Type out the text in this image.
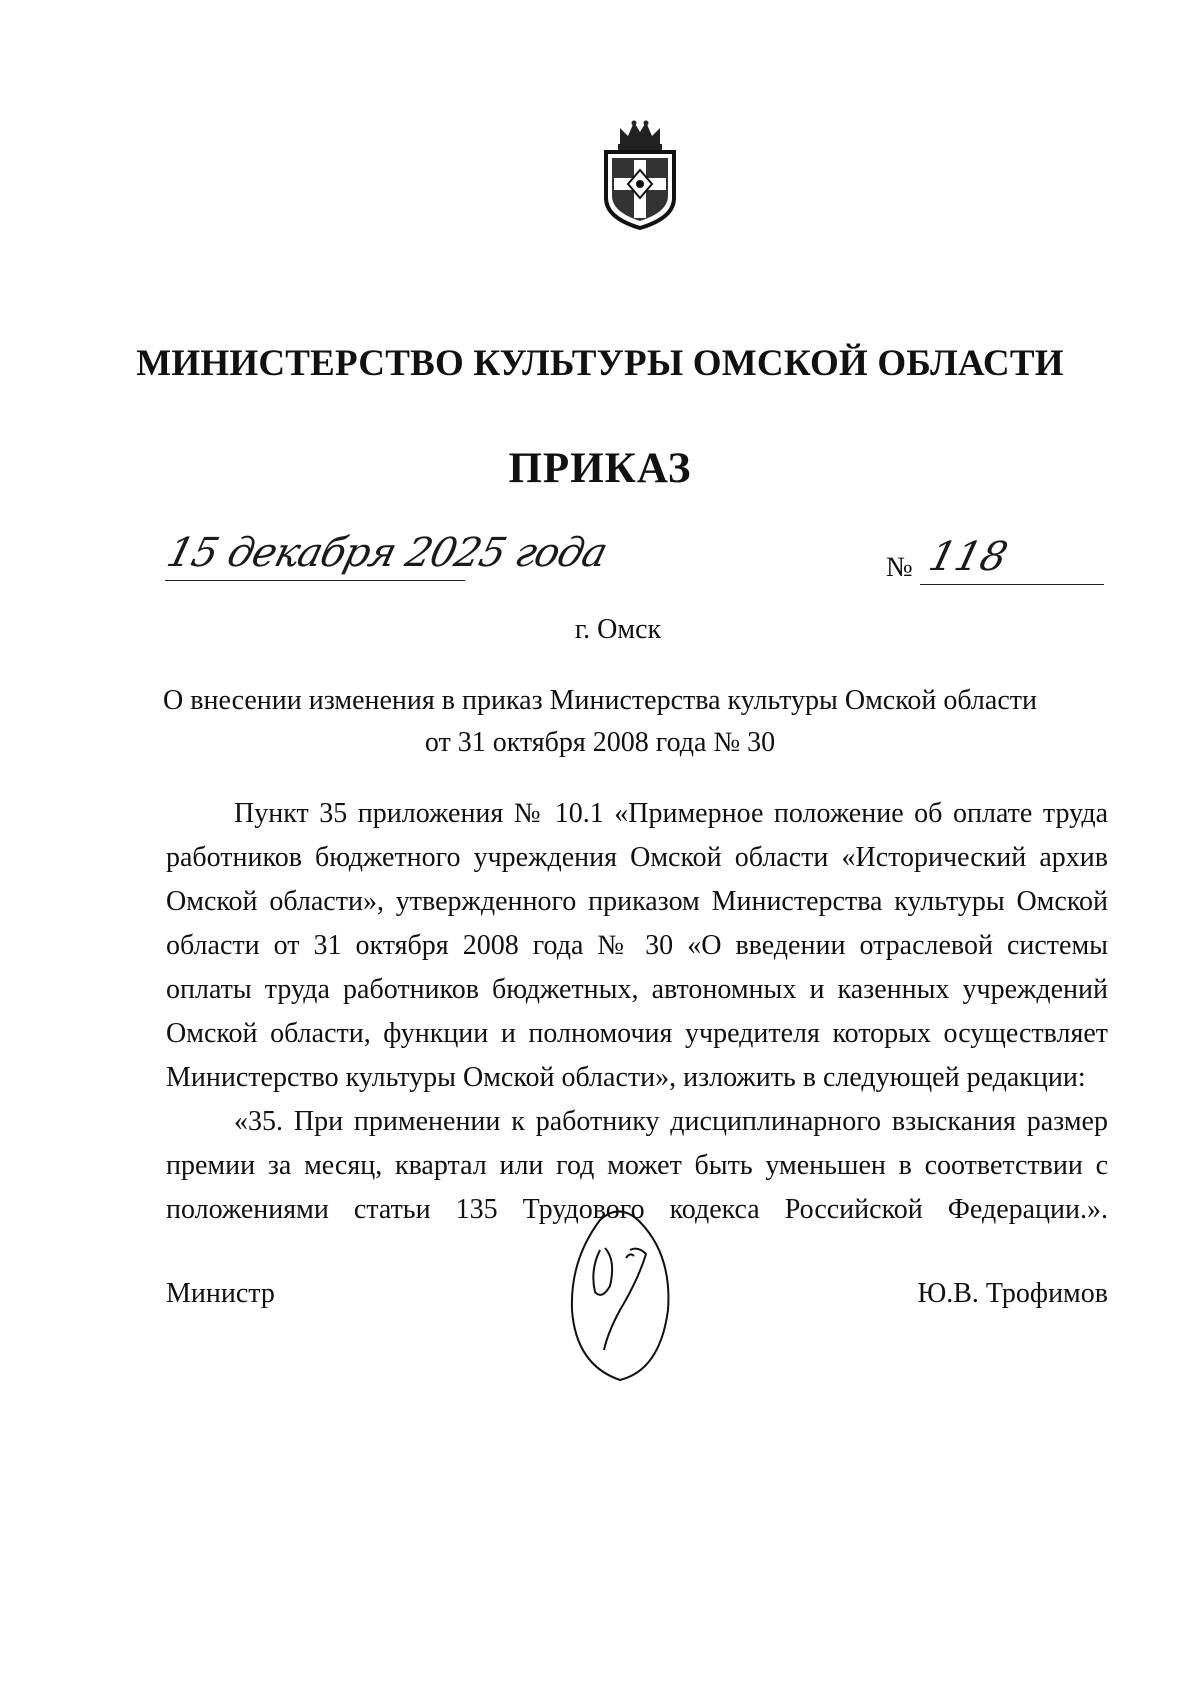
МИНИСТЕРСТВО КУЛЬТУРЫ ОМСКОЙ ОБЛАСТИ
ПРИКАЗ
15 декабря 2025 года	№ 118
г. Омск
О внесении изменения в приказ Министерства культуры Омской области
от 31 октября 2008 года № 30

Пункт 35 приложения № 10.1 «Примерное положение об оплате труда работников бюджетного учреждения Омской области «Исторический архив Омской области», утвержденного приказом Министерства культуры Омской области от 31 октября 2008 года № 30 «О введении отраслевой системы оплаты труда работников бюджетных, автономных и казенных учреждений Омской области, функции и полномочия учредителя которых осуществляет Министерство культуры Омской области», изложить в следующей редакции:

«35. При применении к работнику дисциплинарного взыскания размер премии за месяц, квартал или год может быть уменьшен в соответствии с положениями статьи 135 Трудового кодекса Российской Федерации.».

Министр	Ю.В. Трофимов
